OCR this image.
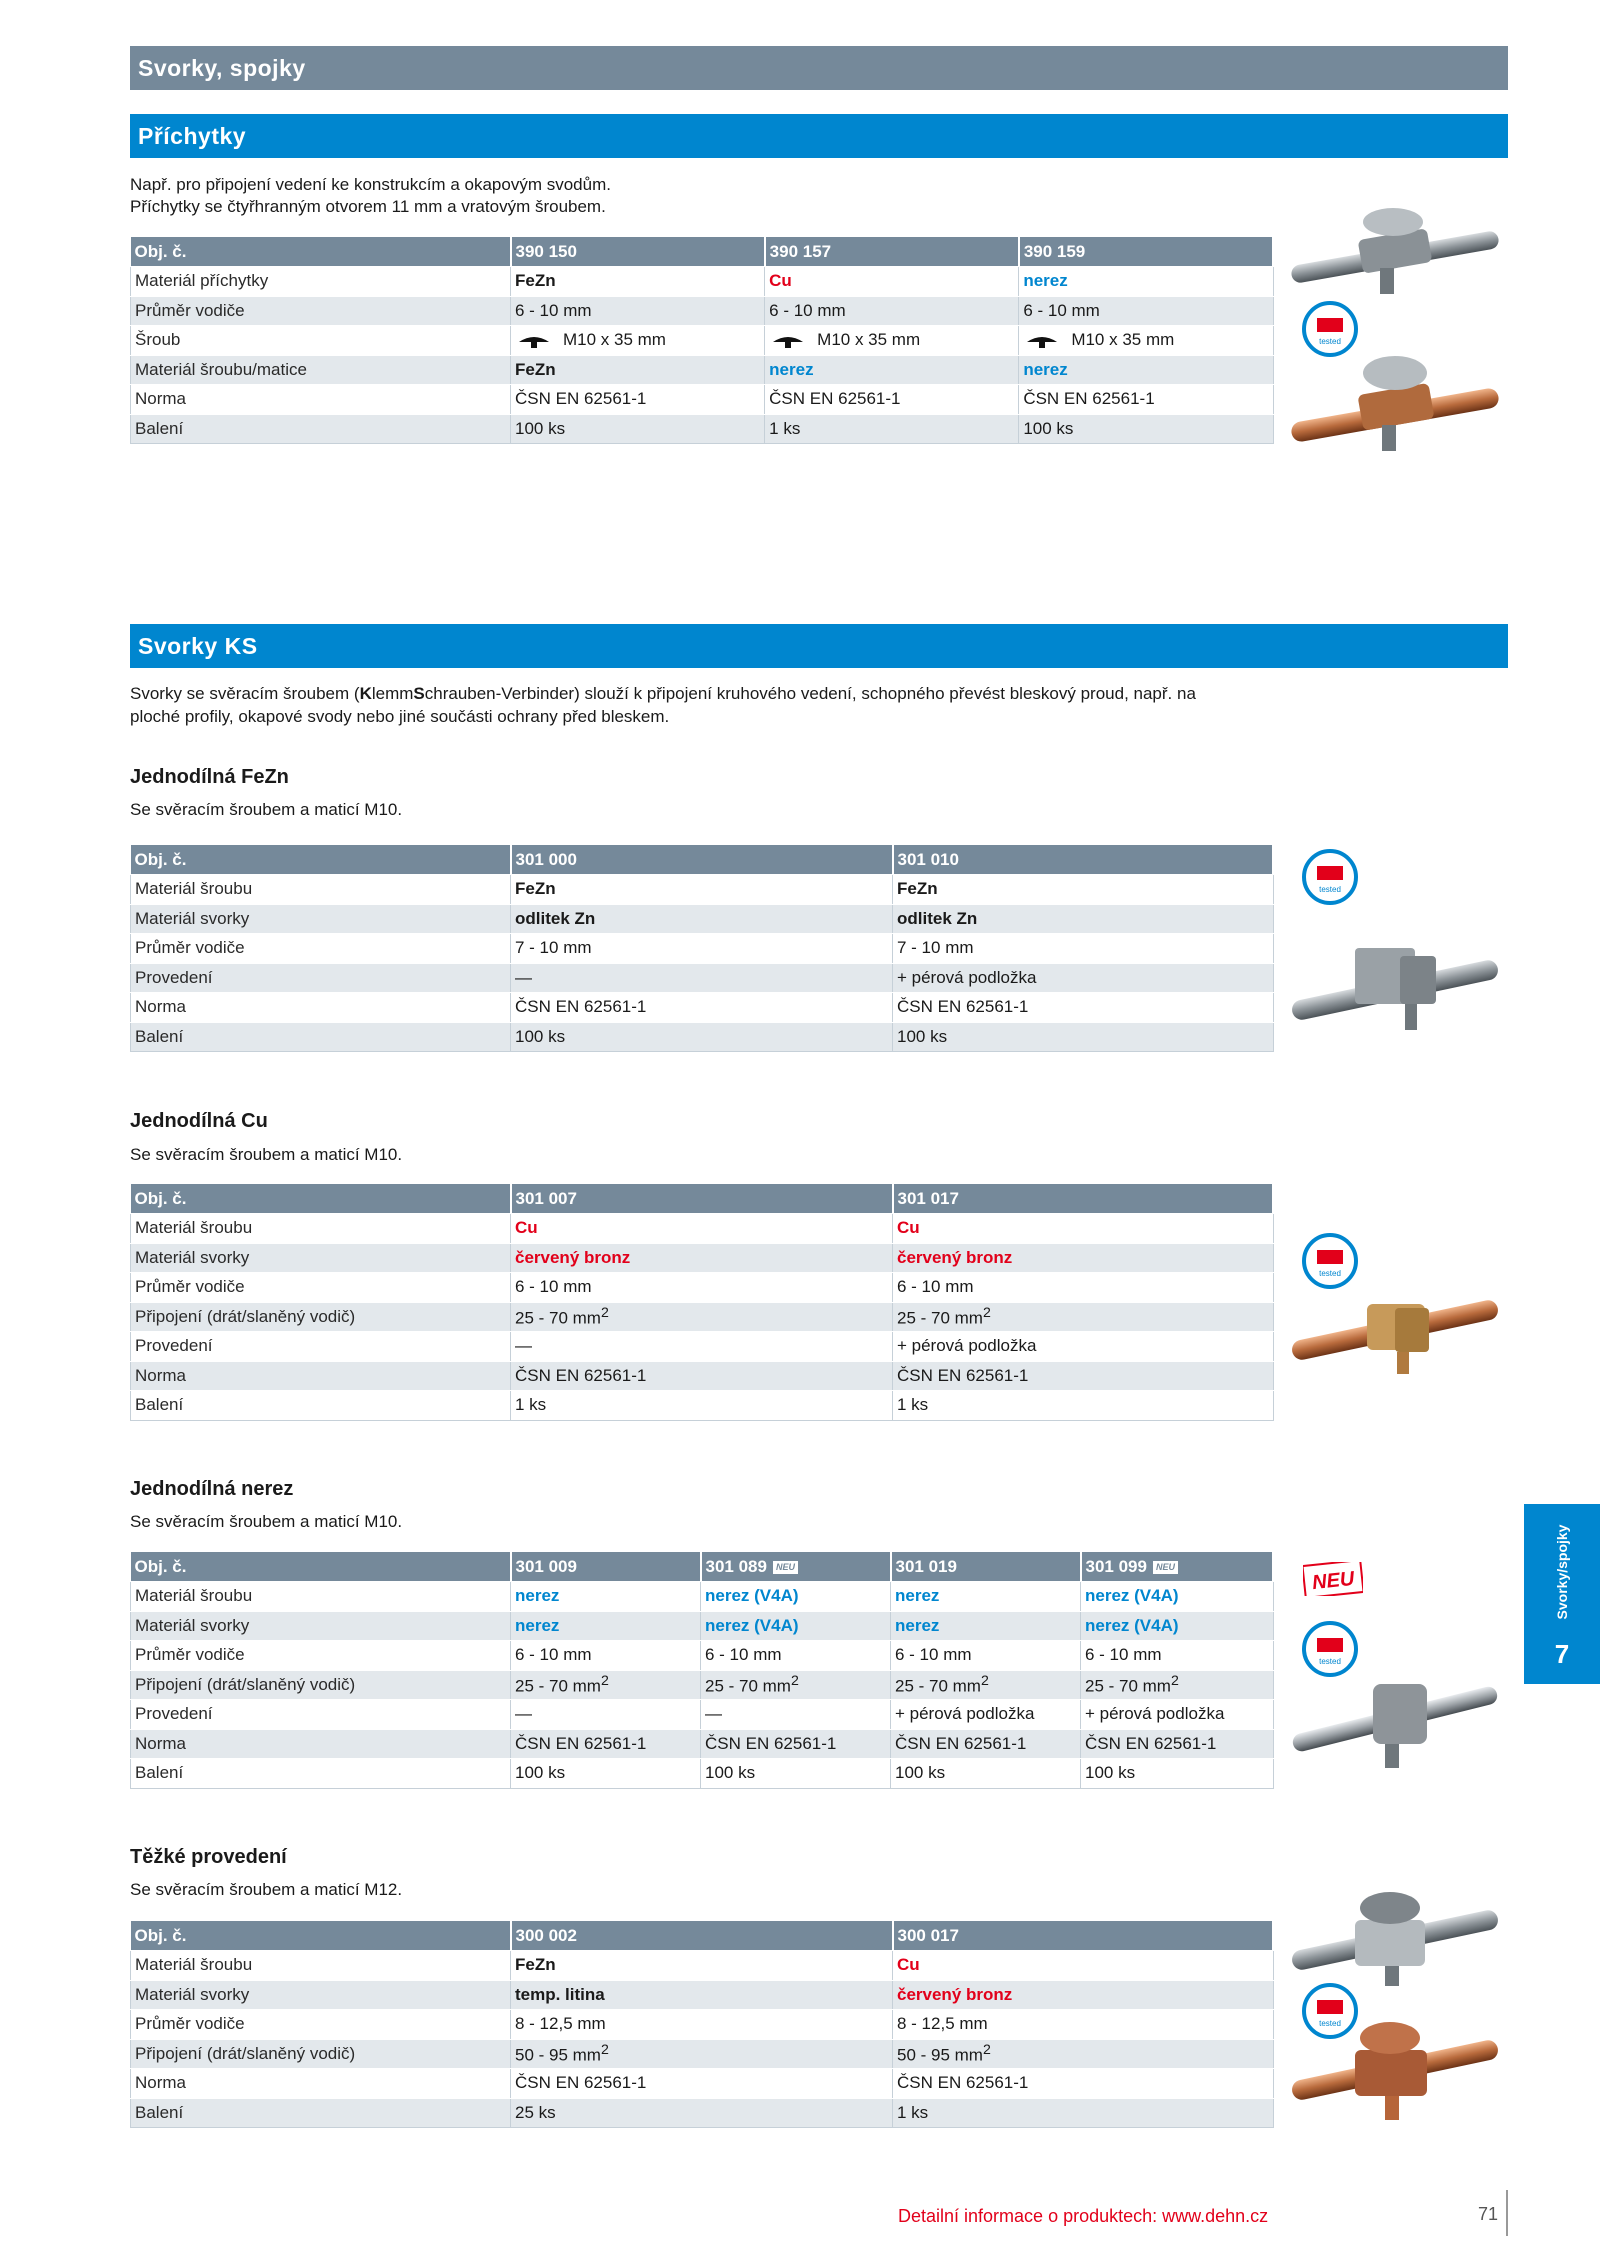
Svorky, spojky
Příchytky
Např. pro připojení vedení ke konstrukcím a okapovým svodům.
Příchytky se čtyřhranným otvorem 11 mm a vratovým šroubem.
Obj. č.	390 150	390 157	390 159
Materiál příchytky	FeZn	Cu	nerez
Průměr vodiče	6 - 10 mm	6 - 10 mm	6 - 10 mm
Šroub	M10 x 35 mm	M10 x 35 mm	M10 x 35 mm
Materiál šroubu/matice	FeZn	nerez	nerez
Norma	ČSN EN 62561-1	ČSN EN 62561-1	ČSN EN 62561-1
Balení	100 ks	1 ks	100 ks
Svorky KS
Svorky se svěracím šroubem (KlemmSchrauben-Verbinder) slouží k připojení kruhového vedení, schopného převést bleskový proud, např. na
ploché profily, okapové svody nebo jiné součásti ochrany před bleskem.
Jednodílná FeZn
Se svěracím šroubem a maticí M10.
Obj. č.	301 000	301 010
Materiál šroubu	FeZn	FeZn
Materiál svorky	odlitek Zn	odlitek Zn
Průměr vodiče	7 - 10 mm	7 - 10 mm
Provedení	—	+ pérová podložka
Norma	ČSN EN 62561-1	ČSN EN 62561-1
Balení	100 ks	100 ks
Jednodílná Cu
Se svěracím šroubem a maticí M10.
Obj. č.	301 007	301 017
Materiál šroubu	Cu	Cu
Materiál svorky	červený bronz	červený bronz
Průměr vodiče	6 - 10 mm	6 - 10 mm
Připojení (drát/slaněný vodič)	25 - 70 $mm^2$	25 - 70 $mm^2$
Provedení	—	+ pérová podložka
Norma	ČSN EN 62561-1	ČSN EN 62561-1
Balení	1 ks	1 ks
Jednodílná nerez
Se svěracím šroubem a maticí M10.
Obj. č.	301 009	301 089 NEU	301 019	301 099 NEU
Materiál šroubu	nerez	nerez (V4A)	nerez	nerez (V4A)
Materiál svorky	nerez	nerez (V4A)	nerez	nerez (V4A)
Průměr vodiče	6 - 10 mm	6 - 10 mm	6 - 10 mm	6 - 10 mm
Připojení (drát/slaněný vodič)	25 - 70 $mm^2$	25 - 70 $mm^2$	25 - 70 $mm^2$	25 - 70 $mm^2$
Provedení	—	—	+ pérová podložka	+ pérová podložka
Norma	ČSN EN 62561-1	ČSN EN 62561-1	ČSN EN 62561-1	ČSN EN 62561-1
Balení	100 ks	100 ks	100 ks	100 ks
Těžké provedení
Se svěracím šroubem a maticí M12.
Obj. č.	300 002	300 017
Materiál šroubu	FeZn	Cu
Materiál svorky	temp. litina	červený bronz
Průměr vodiče	8 - 12,5 mm	8 - 12,5 mm
Připojení (drát/slaněný vodič)	50 - 95 $mm^2$	50 - 95 $mm^2$
Norma	ČSN EN 62561-1	ČSN EN 62561-1
Balení	25 ks	1 ks
tested
tested
tested
NEU
tested
tested
Svorky/spojky
7
Detailní informace o produktech: www.dehn.cz	71
